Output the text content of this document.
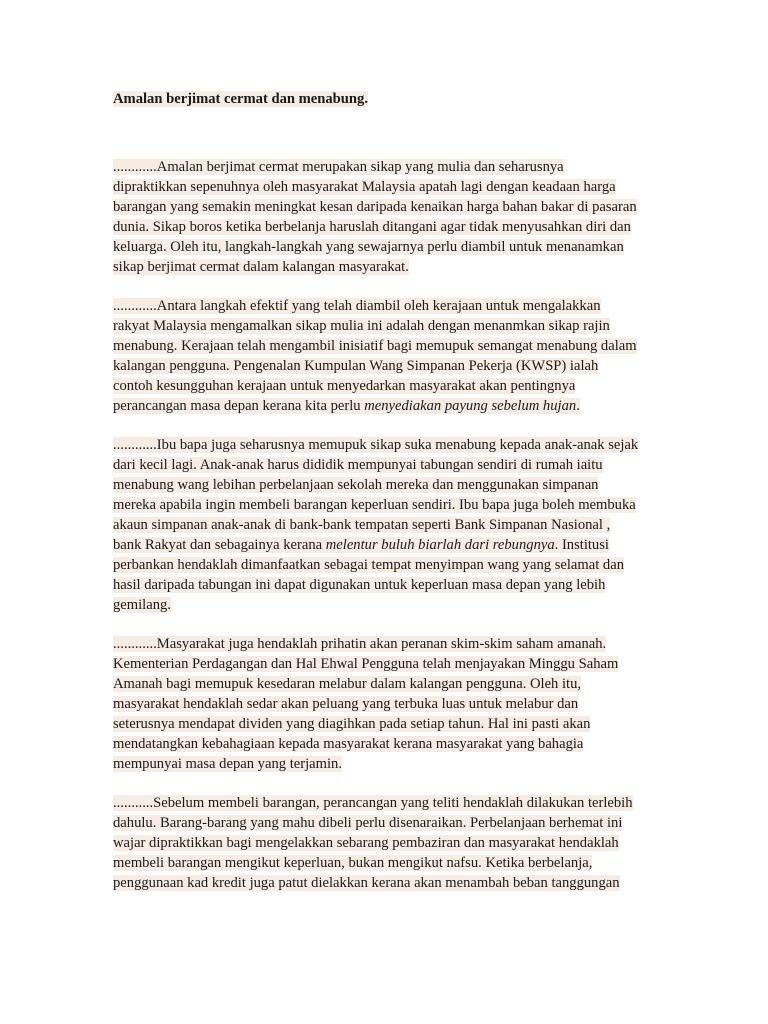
Amalan berjimat cermat dan menabung.
............Amalan berjimat cermat merupakan sikap yang mulia dan seharusnya
dipraktikkan sepenuhnya oleh masyarakat Malaysia apatah lagi dengan keadaan harga
barangan yang semakin meningkat kesan daripada kenaikan harga bahan bakar di pasaran
dunia. Sikap boros ketika berbelanja haruslah ditangani agar tidak menyusahkan diri dan
keluarga. Oleh itu, langkah-langkah yang sewajarnya perlu diambil untuk menanamkan
sikap berjimat cermat dalam kalangan masyarakat.
............Antara langkah efektif yang telah diambil oleh kerajaan untuk mengalakkan
rakyat Malaysia mengamalkan sikap mulia ini adalah dengan menanmkan sikap rajin
menabung. Kerajaan telah mengambil inisiatif bagi memupuk semangat menabung dalam
kalangan pengguna. Pengenalan Kumpulan Wang Simpanan Pekerja (KWSP) ialah
contoh kesungguhan kerajaan untuk menyedarkan masyarakat akan pentingnya
perancangan masa depan kerana kita perlu menyediakan payung sebelum hujan.
............Ibu bapa juga seharusnya memupuk sikap suka menabung kepada anak-anak sejak
dari kecil lagi. Anak-anak harus dididik mempunyai tabungan sendiri di rumah iaitu
menabung wang lebihan perbelanjaan sekolah mereka dan menggunakan simpanan
mereka apabila ingin membeli barangan keperluan sendiri. Ibu bapa juga boleh membuka
akaun simpanan anak-anak di bank-bank tempatan seperti Bank Simpanan Nasional ,
bank Rakyat dan sebagainya kerana melentur buluh biarlah dari rebungnya. Institusi
perbankan hendaklah dimanfaatkan sebagai tempat menyimpan wang yang selamat dan
hasil daripada tabungan ini dapat digunakan untuk keperluan masa depan yang lebih
gemilang.
............Masyarakat juga hendaklah prihatin akan peranan skim-skim saham amanah.
Kementerian Perdagangan dan Hal Ehwal Pengguna telah menjayakan Minggu Saham
Amanah bagi memupuk kesedaran melabur dalam kalangan pengguna. Oleh itu,
masyarakat hendaklah sedar akan peluang yang terbuka luas untuk melabur dan
seterusnya mendapat dividen yang diagihkan pada setiap tahun. Hal ini pasti akan
mendatangkan kebahagiaan kepada masyarakat kerana masyarakat yang bahagia
mempunyai masa depan yang terjamin.
...........Sebelum membeli barangan, perancangan yang teliti hendaklah dilakukan terlebih
dahulu. Barang-barang yang mahu dibeli perlu disenaraikan. Perbelanjaan berhemat ini
wajar dipraktikkan bagi mengelakkan sebarang pembaziran dan masyarakat hendaklah
membeli barangan mengikut keperluan, bukan mengikut nafsu. Ketika berbelanja,
penggunaan kad kredit juga patut dielakkan kerana akan menambah beban tanggungan
